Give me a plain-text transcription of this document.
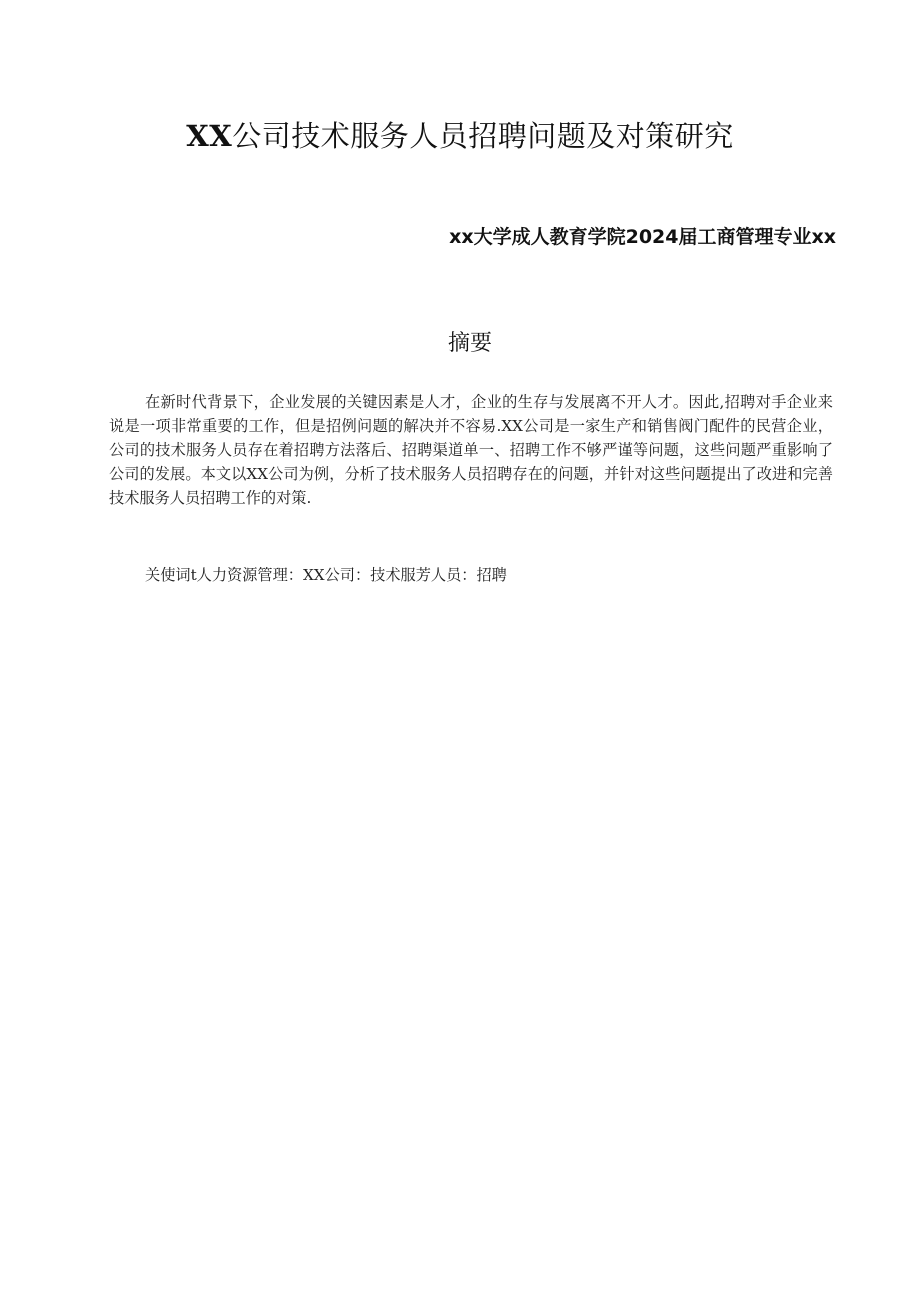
XX公司技术服务人员招聘问题及对策研究
xx大学成人教育学院2024届工商管理专业xx
摘要

在新时代背景下，企业发展的关键因素是人才，企业的生存与发展离不开人才。因此,招聘对手企业来说是一项非常重要的工作，但是招例问题的解决并不容易.XX公司是一家生产和销售阀门配件的民营企业，公司的技术服务人员存在着招聘方法落后、招聘渠道单一、招聘工作不够严谨等问题，这些问题严重影响了公司的发展。本文以XX公司为例，分析了技术服务人员招聘存在的问题，并针对这些问题提出了改进和完善技术服务人员招聘工作的对策.

关使词t人力资源管理：XX公司：技术服芳人员：招聘
